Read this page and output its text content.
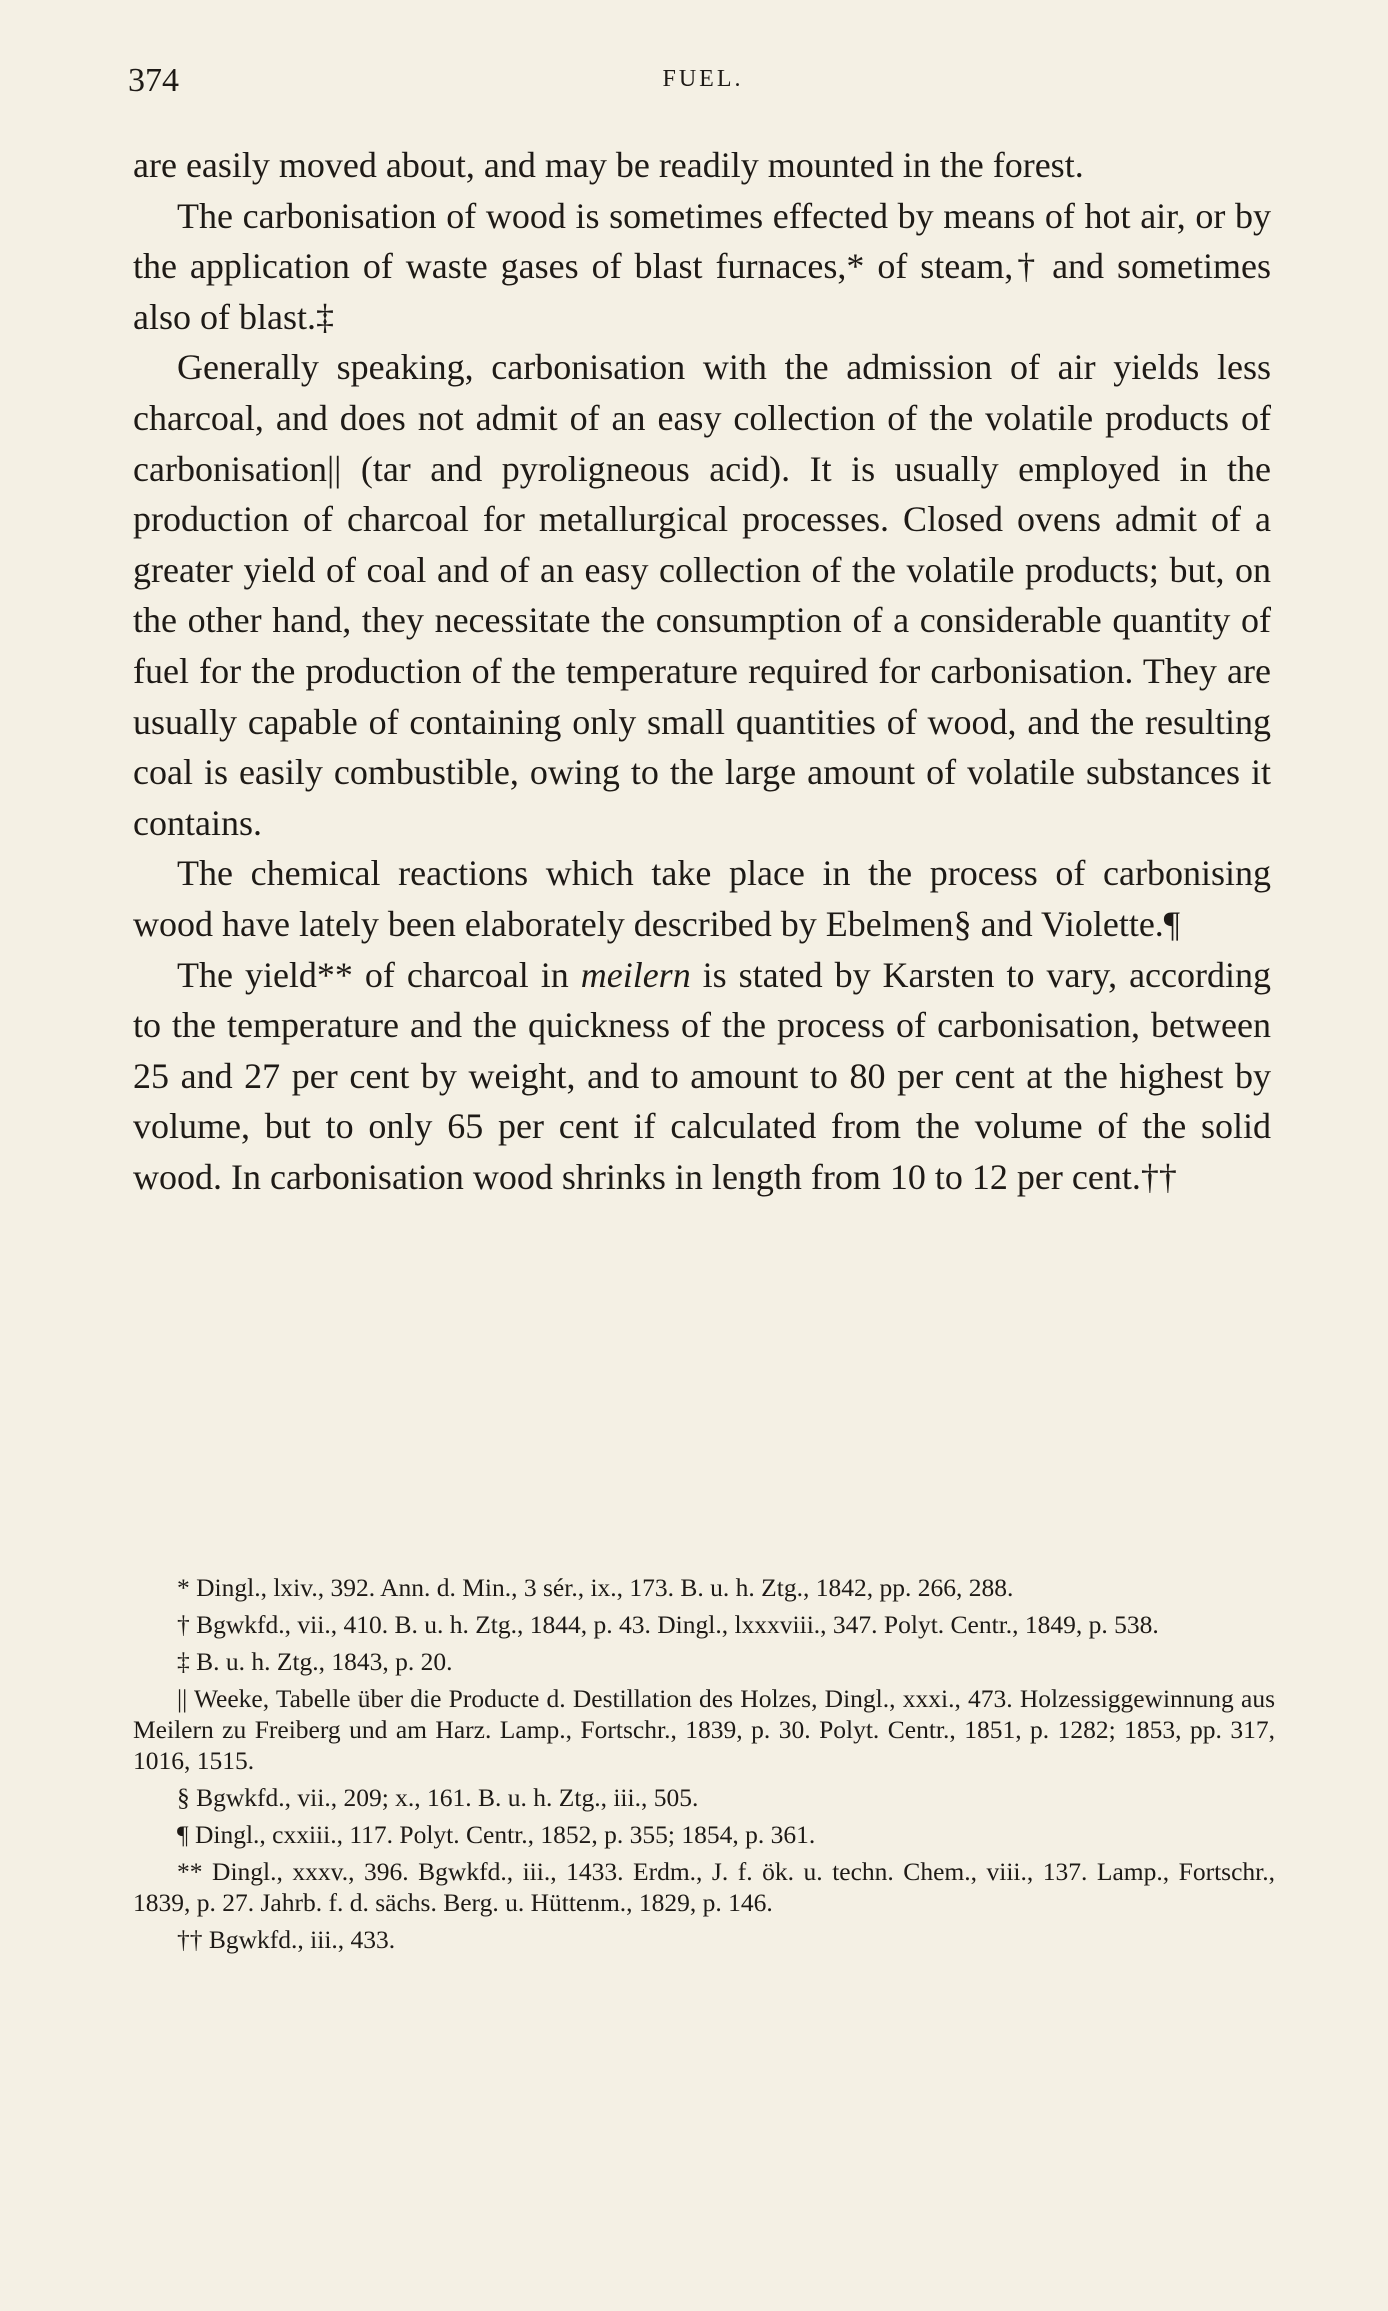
374	FUEL.

are easily moved about, and may be readily mounted in the forest.

The carbonisation of wood is sometimes effected by means of hot air, or by the application of waste gases of blast furnaces,* of steam,† and sometimes also of blast.‡

Generally speaking, carbonisation with the admission of air yields less charcoal, and does not admit of an easy collection of the volatile products of carbonisation|| (tar and pyroligneous acid). It is usually employed in the production of charcoal for metallurgical processes. Closed ovens admit of a greater yield of coal and of an easy collection of the volatile products; but, on the other hand, they necessitate the consumption of a considerable quantity of fuel for the production of the temperature required for carbonisation. They are usually capable of containing only small quantities of wood, and the resulting coal is easily combustible, owing to the large amount of volatile substances it contains.

The chemical reactions which take place in the process of carbonising wood have lately been elaborately described by Ebelmen§ and Violette.¶

The yield** of charcoal in meilern is stated by Karsten to vary, according to the temperature and the quickness of the process of carbonisation, between 25 and 27 per cent by weight, and to amount to 80 per cent at the highest by volume, but to only 65 per cent if calculated from the volume of the solid wood. In carbonisation wood shrinks in length from 10 to 12 per cent.††

* Dingl., lxiv., 392. Ann. d. Min., 3 sér., ix., 173. B. u. h. Ztg., 1842, pp. 266, 288.

† Bgwkfd., vii., 410. B. u. h. Ztg., 1844, p. 43. Dingl., lxxxviii., 347. Polyt. Centr., 1849, p. 538.

‡ B. u. h. Ztg., 1843, p. 20.

|| Weeke, Tabelle über die Producte d. Destillation des Holzes, Dingl., xxxi., 473. Holzessiggewinnung aus Meilern zu Freiberg und am Harz. Lamp., Fortschr., 1839, p. 30. Polyt. Centr., 1851, p. 1282; 1853, pp. 317, 1016, 1515.

§ Bgwkfd., vii., 209; x., 161. B. u. h. Ztg., iii., 505.

¶ Dingl., cxxiii., 117. Polyt. Centr., 1852, p. 355; 1854, p. 361.

** Dingl., xxxv., 396. Bgwkfd., iii., 1433. Erdm., J. f. ök. u. techn. Chem., viii., 137. Lamp., Fortschr., 1839, p. 27. Jahrb. f. d. sächs. Berg. u. Hüttenm., 1829, p. 146.

†† Bgwkfd., iii., 433.
